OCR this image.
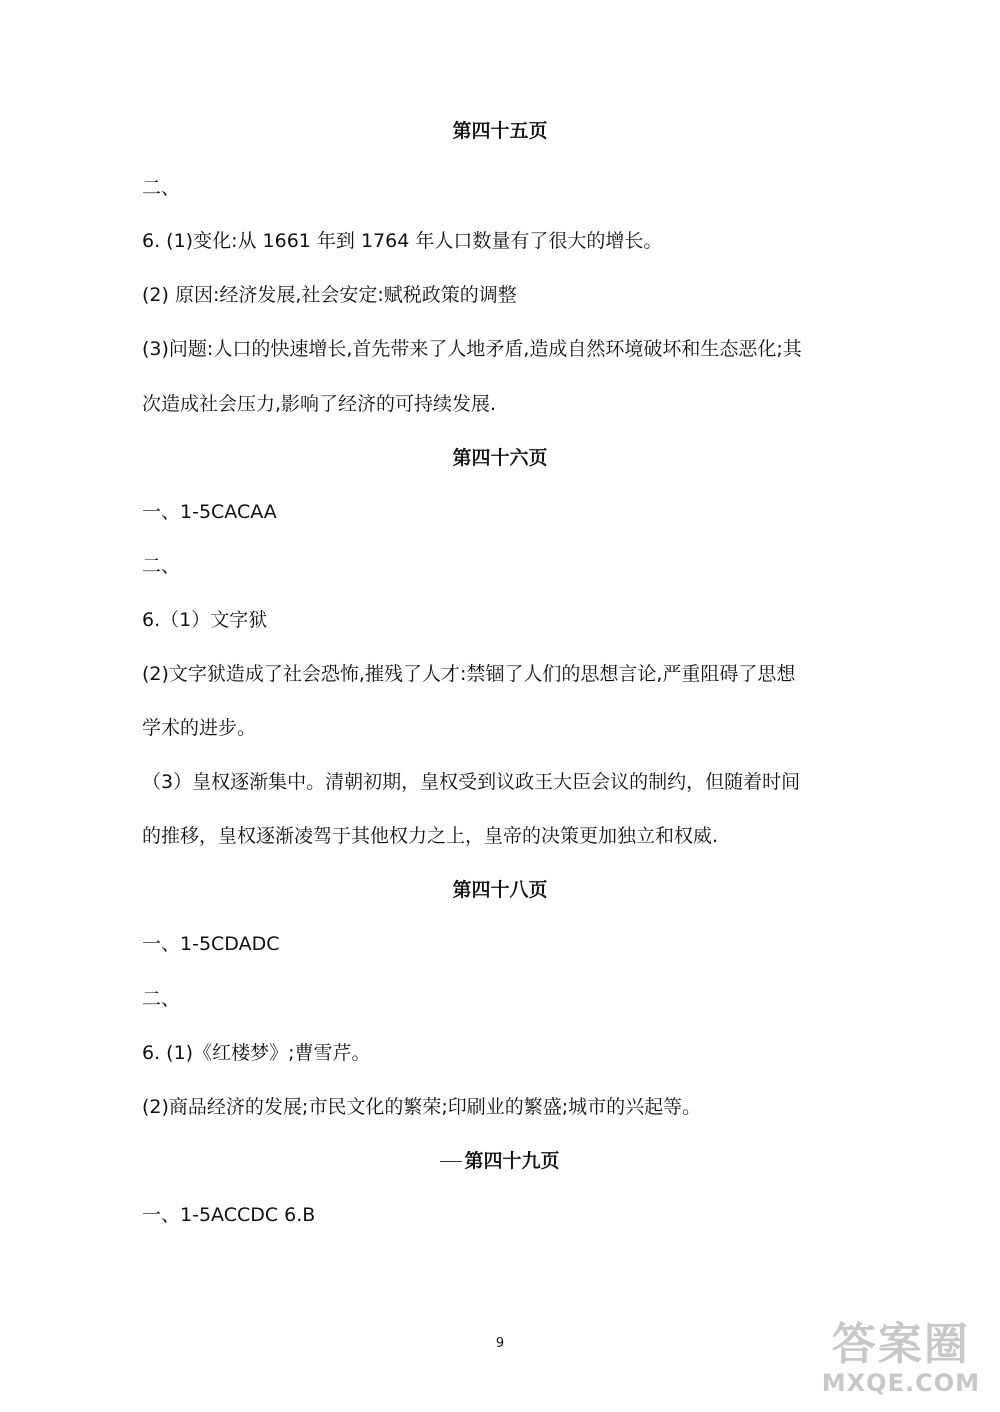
第四十五页
二、
6. (1)变化:从 1661 年到 1764 年人口数量有了很大的增长。
(2) 原因:经济发展,社会安定:赋税政策的调整
(3)问题:人口的快速增长,首先带来了人地矛盾,造成自然环境破坏和生态恶化;其
次造成社会压力,影响了经济的可持续发展.
第四十六页
一、1-5CACAA
二、
6.（1）文字狱
(2)文字狱造成了社会恐怖,摧残了人才:禁锢了人们的思想言论,严重阻碍了思想
学术的进步。
（3）皇权逐渐集中。清朝初期，皇权受到议政王大臣会议的制约，但随着时间
的推移，皇权逐渐凌驾于其他权力之上，皇帝的决策更加独立和权威.
第四十八页
一、1-5CDADC
二、
6. (1)《红楼梦》;曹雪芹。
(2)商品经济的发展;市民文化的繁荣;印刷业的繁盛;城市的兴起等。
第四十九页
一、1-5ACCDC 6.B
9	答案圈
MXQE.COM
